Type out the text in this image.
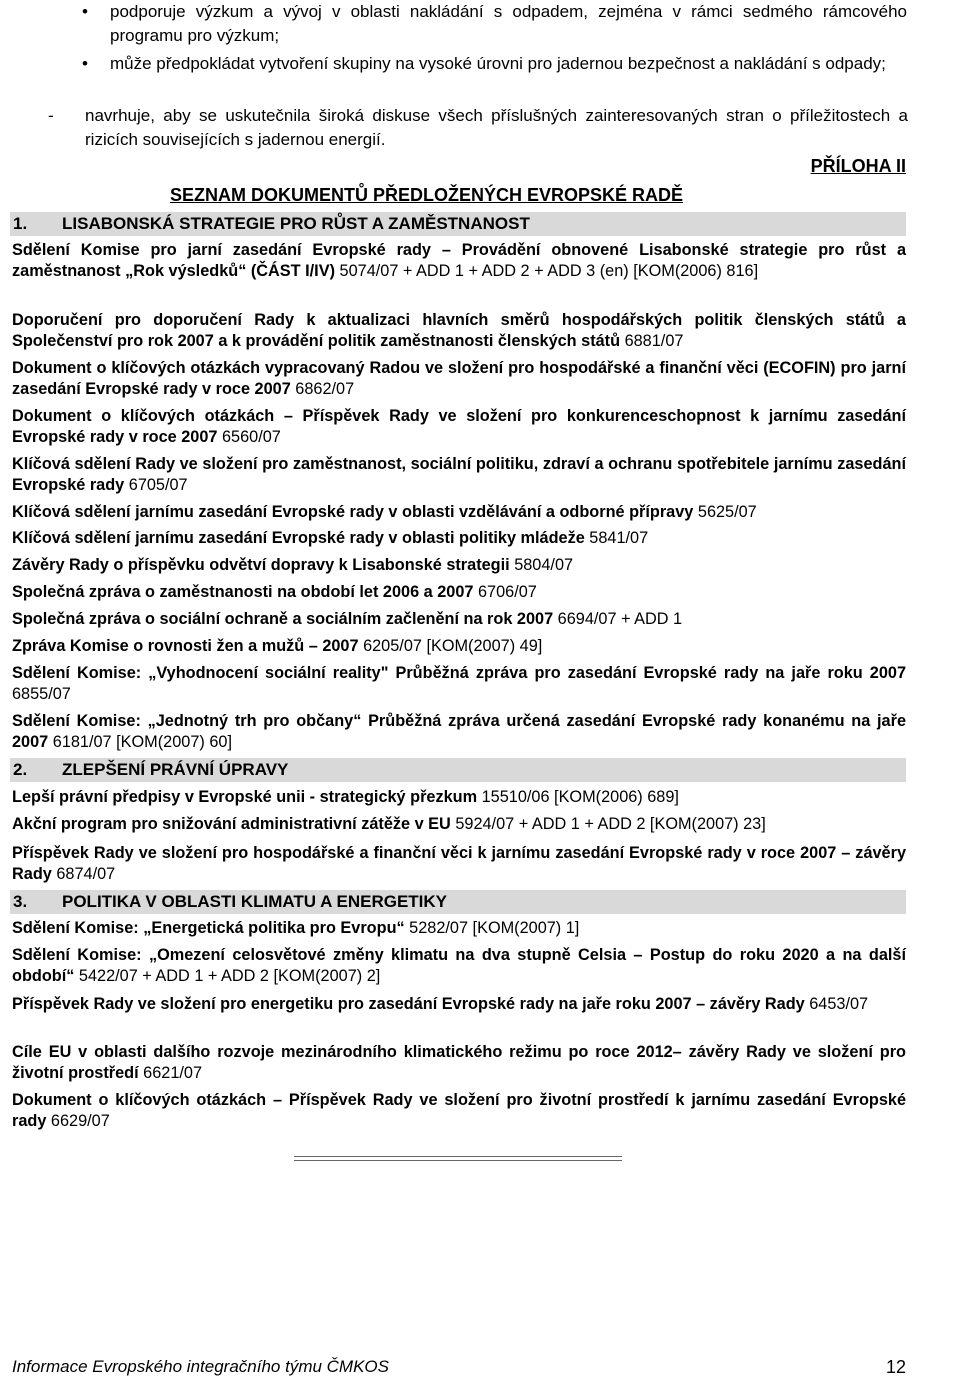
•	podporuje výzkum a vývoj v oblasti nakládání s odpadem, zejména v rámci sedmého rámcového programu pro výzkum;
•	může předpokládat vytvoření skupiny na vysoké úrovni pro jadernou bezpečnost a nakládání s odpady;
- navrhuje, aby se uskutečnila široká diskuse všech příslušných zainteresovaných stran o příležitostech a rizicích souvisejících s jadernou energií.
PŘÍLOHA II
SEZNAM DOKUMENTŮ PŘEDLOŽENÝCH EVROPSKÉ RADĚ
1. LISABONSKÁ STRATEGIE PRO RŮST A ZAMĚSTNANOST
Sdělení Komise pro jarní zasedání Evropské rady – Provádění obnovené Lisabonské strategie pro růst a zaměstnanost „Rok výsledků“ (ČÁST I/IV) 5074/07 + ADD 1 + ADD 2 + ADD 3 (en) [KOM(2006) 816]
Doporučení pro doporučení Rady k aktualizaci hlavních směrů hospodářských politik členských států a Společenství pro rok 2007 a k provádění politik zaměstnanosti členských států 6881/07
Dokument o klíčových otázkách vypracovaný Radou ve složení pro hospodářské a finanční věci (ECOFIN) pro jarní zasedání Evropské rady v roce 2007 6862/07
Dokument o klíčových otázkách – Příspěvek Rady ve složení pro konkurenceschopnost k jarnímu zasedání Evropské rady v roce 2007 6560/07
Klíčová sdělení Rady ve složení pro zaměstnanost, sociální politiku, zdraví a ochranu spotřebitele jarnímu zasedání Evropské rady 6705/07
Klíčová sdělení jarnímu zasedání Evropské rady v oblasti vzdělávání a odborné přípravy 5625/07
Klíčová sdělení jarnímu zasedání Evropské rady v oblasti politiky mládeže 5841/07
Závěry Rady o příspěvku odvětví dopravy k Lisabonské strategii 5804/07
Společná zpráva o zaměstnanosti na období let 2006 a 2007 6706/07
Společná zpráva o sociální ochraně a sociálním začlenění na rok 2007 6694/07 + ADD 1
Zpráva Komise o rovnosti žen a mužů – 2007 6205/07 [KOM(2007) 49]
Sdělení Komise: „Vyhodnocení sociální reality" Průběžná zpráva pro zasedání Evropské rady na jaře roku 2007 6855/07
Sdělení Komise: „Jednotný trh pro občany“ Průběžná zpráva určená zasedání Evropské rady konanému na jaře 2007 6181/07 [KOM(2007) 60]
2. ZLEPŠENÍ PRÁVNÍ ÚPRAVY
Lepší právní předpisy v Evropské unii - strategický přezkum 15510/06 [KOM(2006) 689]
Akční program pro snižování administrativní zátěže v EU 5924/07 + ADD 1 + ADD 2 [KOM(2007) 23]
Příspěvek Rady ve složení pro hospodářské a finanční věci k jarnímu zasedání Evropské rady v roce 2007 – závěry Rady 6874/07
3. POLITIKA V OBLASTI KLIMATU A ENERGETIKY
Sdělení Komise: „Energetická politika pro Evropu“ 5282/07 [KOM(2007) 1]
Sdělení Komise: „Omezení celosvětové změny klimatu na dva stupně Celsia – Postup do roku 2020 a na další období“ 5422/07 + ADD 1 + ADD 2 [KOM(2007) 2]
Příspěvek Rady ve složení pro energetiku pro zasedání Evropské rady na jaře roku 2007 – závěry Rady 6453/07
Cíle EU v oblasti dalšího rozvoje mezinárodního klimatického režimu po roce 2012– závěry Rady ve složení pro životní prostředí 6621/07
Dokument o klíčových otázkách – Příspěvek Rady ve složení pro životní prostředí k jarnímu zasedání Evropské rady 6629/07
Informace Evropského integračního týmu ČMKOS	12
